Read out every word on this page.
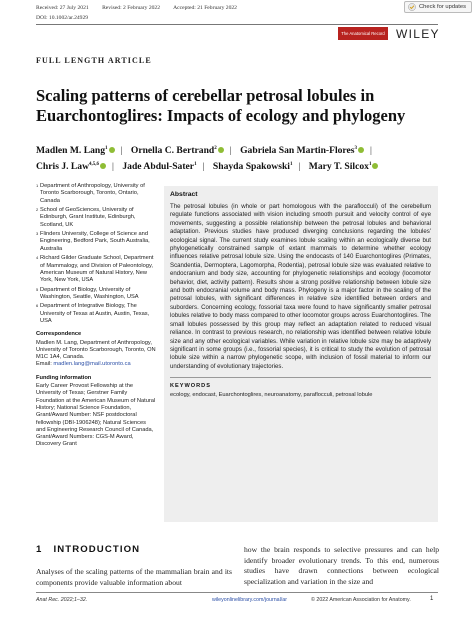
Received: 27 July 2021 Revised: 2 February 2022 Accepted: 21 February 2022
DOI: 10.1002/ar.24929
Check for updates
The Anatomical Record WILEY
FULL LENGTH ARTICLE
Scaling patterns of cerebellar petrosal lobules in Euarchontoglires: Impacts of ecology and phylogeny
Madlen M. Lang$^1$ | Ornella C. Bertrand$^2$ | Gabriela San Martin-Flores$^3$ |
Chris J. Law$^{4,5,6}$ | Jade Abdul-Sater$^1$ | Shayda Spakowski$^1$ | Mary T. Silcox$^1$
1 Department of Anthropology, University of Toronto Scarborough, Toronto, Ontario, Canada
2 School of GeoSciences, University of Edinburgh, Grant Institute, Edinburgh, Scotland, UK
3 Flinders University, College of Science and Engineering, Bedford Park, South Australia, Australia
4 Richard Gilder Graduate School, Department of Mammalogy, and Division of Paleontology, American Museum of Natural History, New York, New York, USA
5 Department of Biology, University of Washington, Seattle, Washington, USA
6 Department of Integrative Biology, The University of Texas at Austin, Austin, Texas, USA
Correspondence
Madlen M. Lang, Department of Anthropology, University of Toronto Scarborough, Toronto, ON M1C 1A4, Canada.
Email: madlen.lang@mail.utoronto.ca
Funding information
Early Career Provost Fellowship at the University of Texas; Gerstner Family Foundation at the American Museum of Natural History; National Science Foundation, Grant/Award Number: NSF postdoctoral fellowship (DBI-1906248); Natural Sciences and Engineering Research Council of Canada, Grant/Award Numbers: CGS-M Award, Discovery Grant
Abstract
The petrosal lobules (in whole or part homologous with the paraflocculi) of the cerebellum regulate functions associated with vision including smooth pursuit and velocity control of eye movements, suggesting a possible relationship between the petrosal lobules and behavioral adaptation. Previous studies have produced diverging conclusions regarding the lobules' ecological signal. The current study examines lobule scaling within an ecologically diverse but phylogenetically constrained sample of extant mammals to determine whether ecology influences relative petrosal lobule size. Using the endocasts of 140 Euarchontoglires (Primates, Scandentia, Dermoptera, Lagomorpha, Rodentia), petrosal lobule size was evaluated relative to endocranium and body size, accounting for phylogenetic relationships and ecology (locomotor behavior, diet, activity pattern). Results show a strong positive relationship between lobule size and both endocranial volume and body mass. Phylogeny is a major factor in the scaling of the petrosal lobules, with significant differences in relative size identified between orders and suborders. Concerning ecology, fossorial taxa were found to have significantly smaller petrosal lobules relative to body mass compared to other locomotor groups across Euarchontoglires. The small lobules possessed by this group may reflect an adaptation related to reduced visual reliance. In contrast to previous research, no relationship was identified between relative lobule size and any other ecological variables. While variation in relative lobule size may be adaptively significant in some groups (i.e., fossorial species), it is critical to study the evolution of petrosal lobule size within a narrow phylogenetic scope, with inclusion of fossil material to inform our understanding of evolutionary trajectories.
KEYWORDS
ecology, endocast, Euarchontoglires, neuroanatomy, paraflocculi, petrosal lobule
1 INTRODUCTION
Analyses of the scaling patterns of the mammalian brain and its components provide valuable information about
how the brain responds to selective pressures and can help identify broader evolutionary trends. To this end, numerous studies have drawn connections between ecological specialization and variation in the size and
Anat Rec. 2022;1–32.	wileyonlinelibrary.com/journal/ar	© 2022 American Association for Anatomy.	1
